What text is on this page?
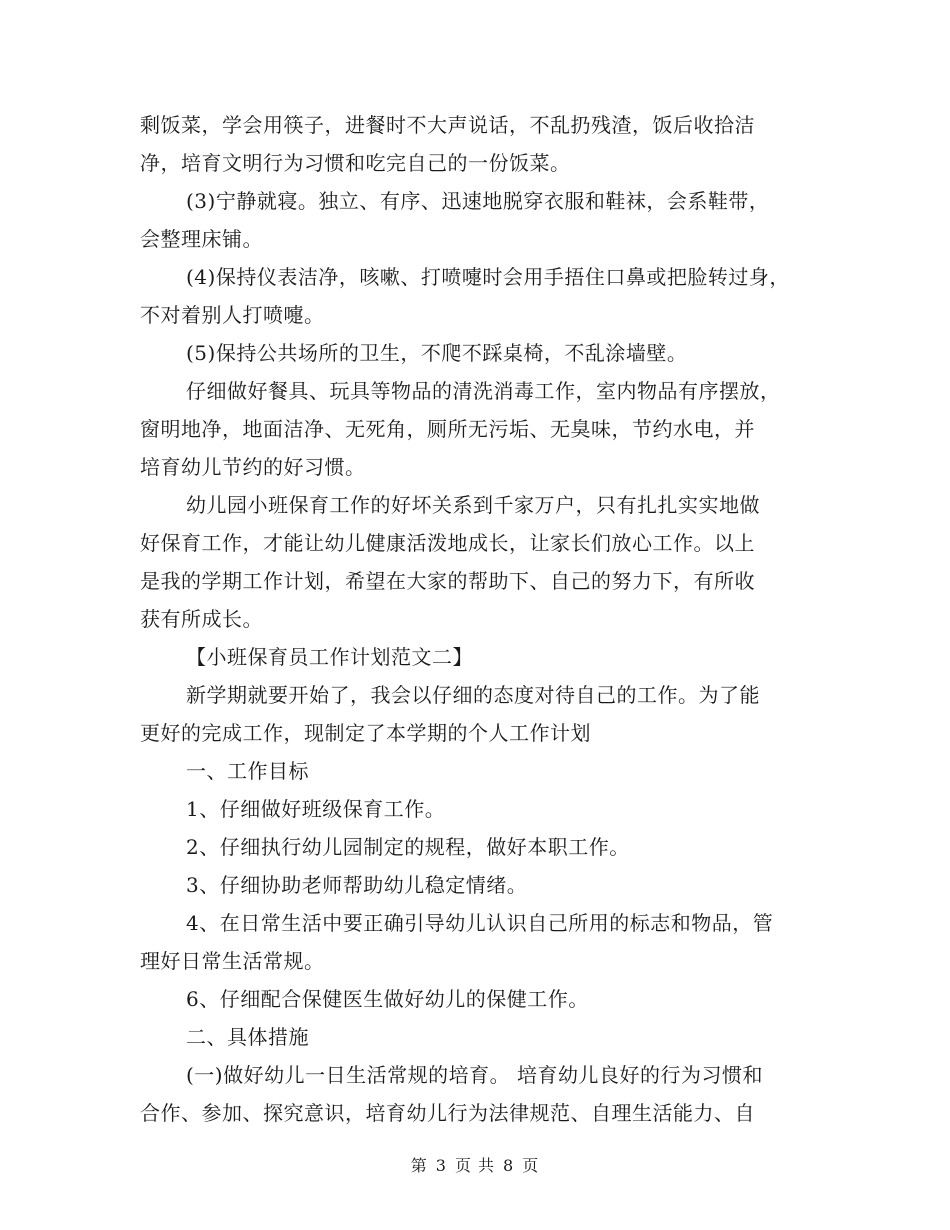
剩饭菜，学会用筷子，进餐时不大声说话，不乱扔残渣，饭后收拾洁
净，培育文明行为习惯和吃完自己的一份饭菜。
(3)宁静就寝。独立、有序、迅速地脱穿衣服和鞋袜，会系鞋带，
会整理床铺。
(4)保持仪表洁净，咳嗽、打喷嚏时会用手捂住口鼻或把脸转过身，
不对着别人打喷嚏。
(5)保持公共场所的卫生，不爬不踩桌椅，不乱涂墙壁。
仔细做好餐具、玩具等物品的清洗消毒工作，室内物品有序摆放，
窗明地净，地面洁净、无死角，厕所无污垢、无臭味，节约水电，并
培育幼儿节约的好习惯。
幼儿园小班保育工作的好坏关系到千家万户，只有扎扎实实地做
好保育工作，才能让幼儿健康活泼地成长，让家长们放心工作。以上
是我的学期工作计划，希望在大家的帮助下、自己的努力下，有所收
获有所成长。
【小班保育员工作计划范文二】
新学期就要开始了，我会以仔细的态度对待自己的工作。为了能
更好的完成工作，现制定了本学期的个人工作计划
一、工作目标
1、仔细做好班级保育工作。
2、仔细执行幼儿园制定的规程，做好本职工作。
3、仔细协助老师帮助幼儿稳定情绪。
4、在日常生活中要正确引导幼儿认识自己所用的标志和物品，管
理好日常生活常规。
6、仔细配合保健医生做好幼儿的保健工作。
二、具体措施
(一)做好幼儿一日生活常规的培育。 培育幼儿良好的行为习惯和
合作、参加、探究意识，培育幼儿行为法律规范、自理生活能力、自
第 3 页 共 8 页
